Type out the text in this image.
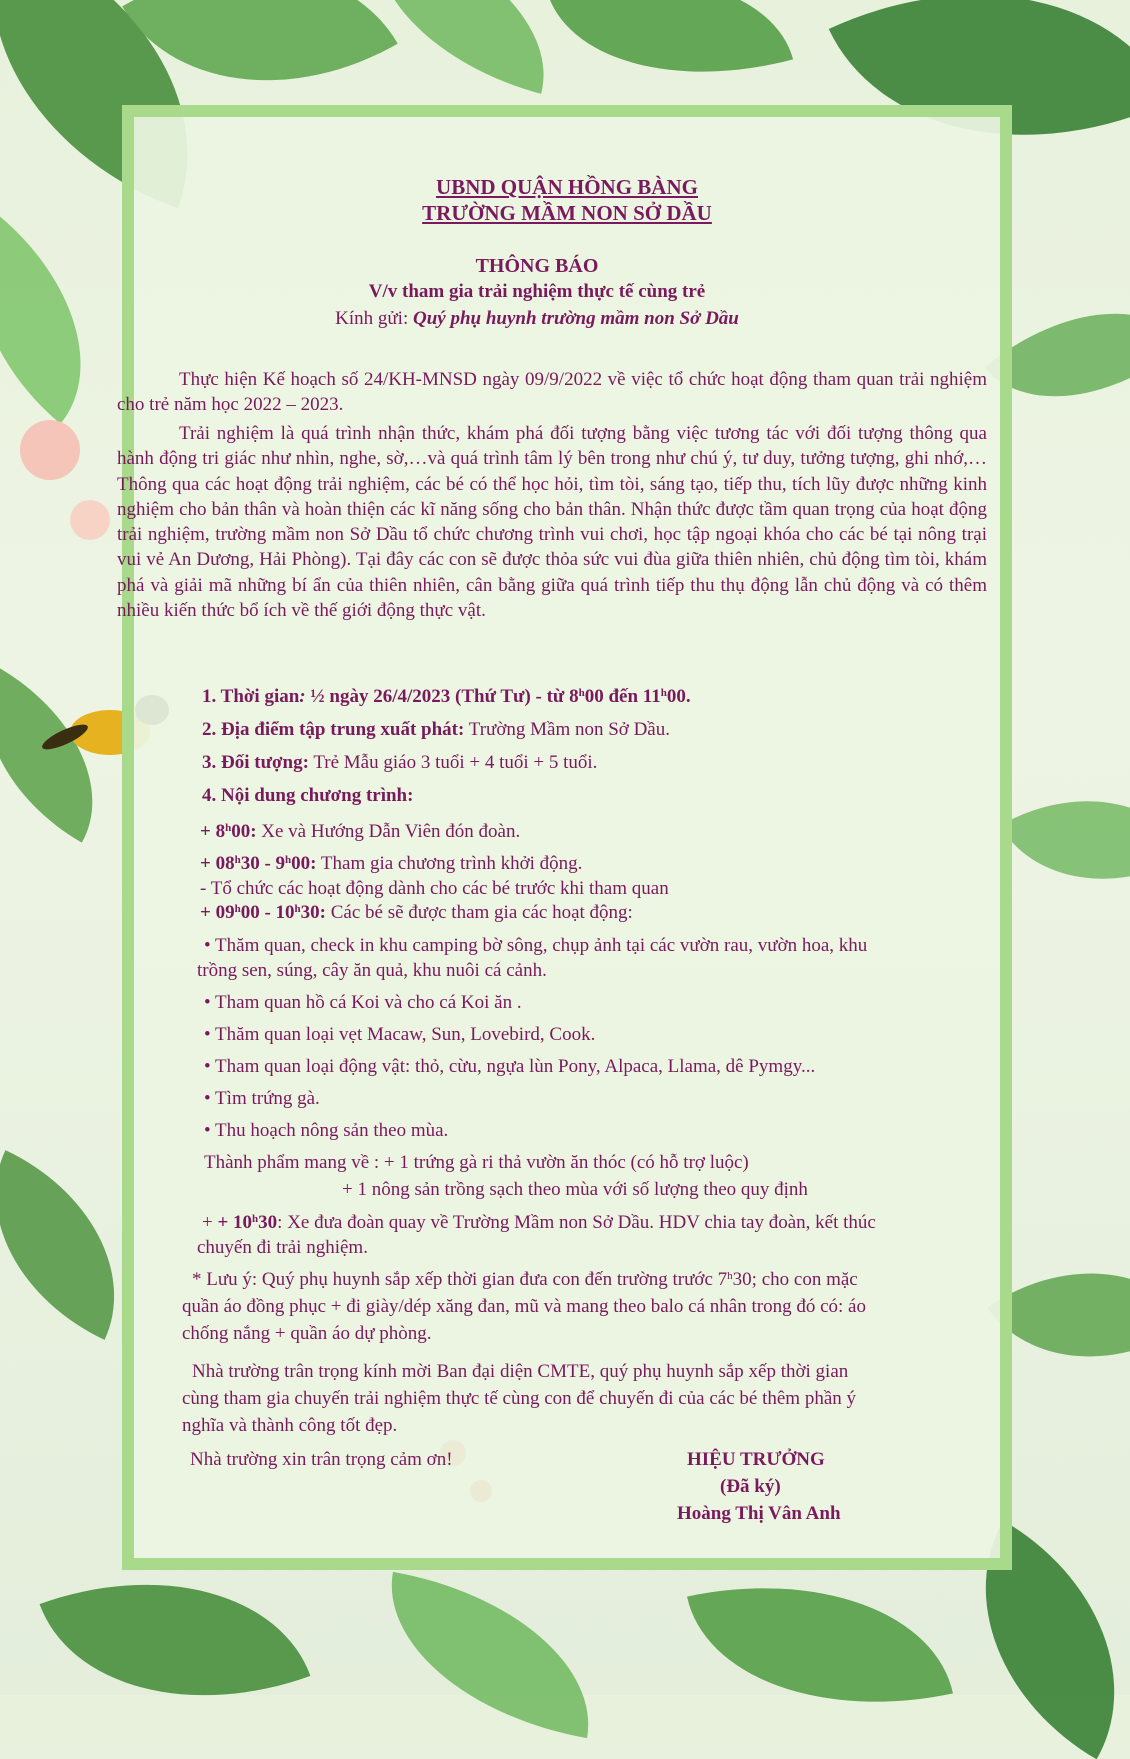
UBND QUẬN HỒNG BÀNG
TRƯỜNG MẦM NON SỞ DẦU
THÔNG BÁO
V/v tham gia trải nghiệm thực tế cùng trẻ
Kính gửi: Quý phụ huynh trường mầm non Sở Dầu
Thực hiện Kế hoạch số 24/KH-MNSD ngày 09/9/2022 về việc tổ chức hoạt động tham quan trải nghiệm cho trẻ năm học 2022 – 2023.
Trải nghiệm là quá trình nhận thức, khám phá đối tượng bằng việc tương tác với đối tượng thông qua hành động tri giác như nhìn, nghe, sờ,…và quá trình tâm lý bên trong như chú ý, tư duy, tưởng tượng, ghi nhớ,… Thông qua các hoạt động trải nghiệm, các bé có thể học hỏi, tìm tòi, sáng tạo, tiếp thu, tích lũy được những kinh nghiệm cho bản thân và hoàn thiện các kĩ năng sống cho bản thân. Nhận thức được tầm quan trọng của hoạt động trải nghiệm, trường mầm non Sở Dầu tổ chức chương trình vui chơi, học tập ngoại khóa cho các bé tại nông trại vui vẻ An Dương, Hải Phòng). Tại đây các con sẽ được thỏa sức vui đùa giữa thiên nhiên, chủ động tìm tòi, khám phá và giải mã những bí ẩn của thiên nhiên, cân bằng giữa quá trình tiếp thu thụ động lẫn chủ động và có thêm nhiều kiến thức bổ ích về thế giới động thực vật.
1. Thời gian: ½ ngày 26/4/2023 (Thứ Tư) - từ 8$^h$00 đến 11$^h$00.
2. Địa điểm tập trung xuất phát: Trường Mầm non Sở Dầu.
3. Đối tượng: Trẻ Mẫu giáo 3 tuổi + 4 tuổi + 5 tuổi.
4. Nội dung chương trình:
+ $8^h00$: Xe và Hướng Dẫn Viên đón đoàn.
+ $08^h30 - 9^h00$: Tham gia chương trình khởi động.
- Tổ chức các hoạt động dành cho các bé trước khi tham quan
+ $09^h00 - 10^h30$: Các bé sẽ được tham gia các hoạt động:
• Thăm quan, check in khu camping bờ sông, chụp ảnh tại các vườn rau, vườn hoa, khu
trồng sen, súng, cây ăn quả, khu nuôi cá cảnh.
• Tham quan hồ cá Koi và cho cá Koi ăn .
• Thăm quan loại vẹt Macaw, Sun, Lovebird, Cook.
• Tham quan loại động vật: thỏ, cừu, ngựa lùn Pony, Alpaca, Llama, dê Pymgy...
• Tìm trứng gà.
• Thu hoạch nông sản theo mùa.
Thành phẩm mang về : + 1 trứng gà ri thả vườn ăn thóc (có hỗ trợ luộc)
+ 1 nông sản trồng sạch theo mùa với số lượng theo quy định
+ + $10^h30$: Xe đưa đoàn quay về Trường Mầm non Sở Dầu. HDV chia tay đoàn, kết thúc
chuyến đi trải nghiệm.
* Lưu ý: Quý phụ huynh sắp xếp thời gian đưa con đến trường trước 7$^h$30; cho con mặc
quần áo đồng phục + đi giày/dép xăng đan, mũ và mang theo balo cá nhân trong đó có: áo
chống nắng + quần áo dự phòng.
Nhà trường trân trọng kính mời Ban đại diện CMTE, quý phụ huynh sắp xếp thời gian
cùng tham gia chuyến trải nghiệm thực tế cùng con để chuyến đi của các bé thêm phần ý
nghĩa và thành công tốt đẹp.
Nhà trường xin trân trọng cảm ơn!	HIỆU TRƯỞNG
(Đã ký)
Hoàng Thị Vân Anh
